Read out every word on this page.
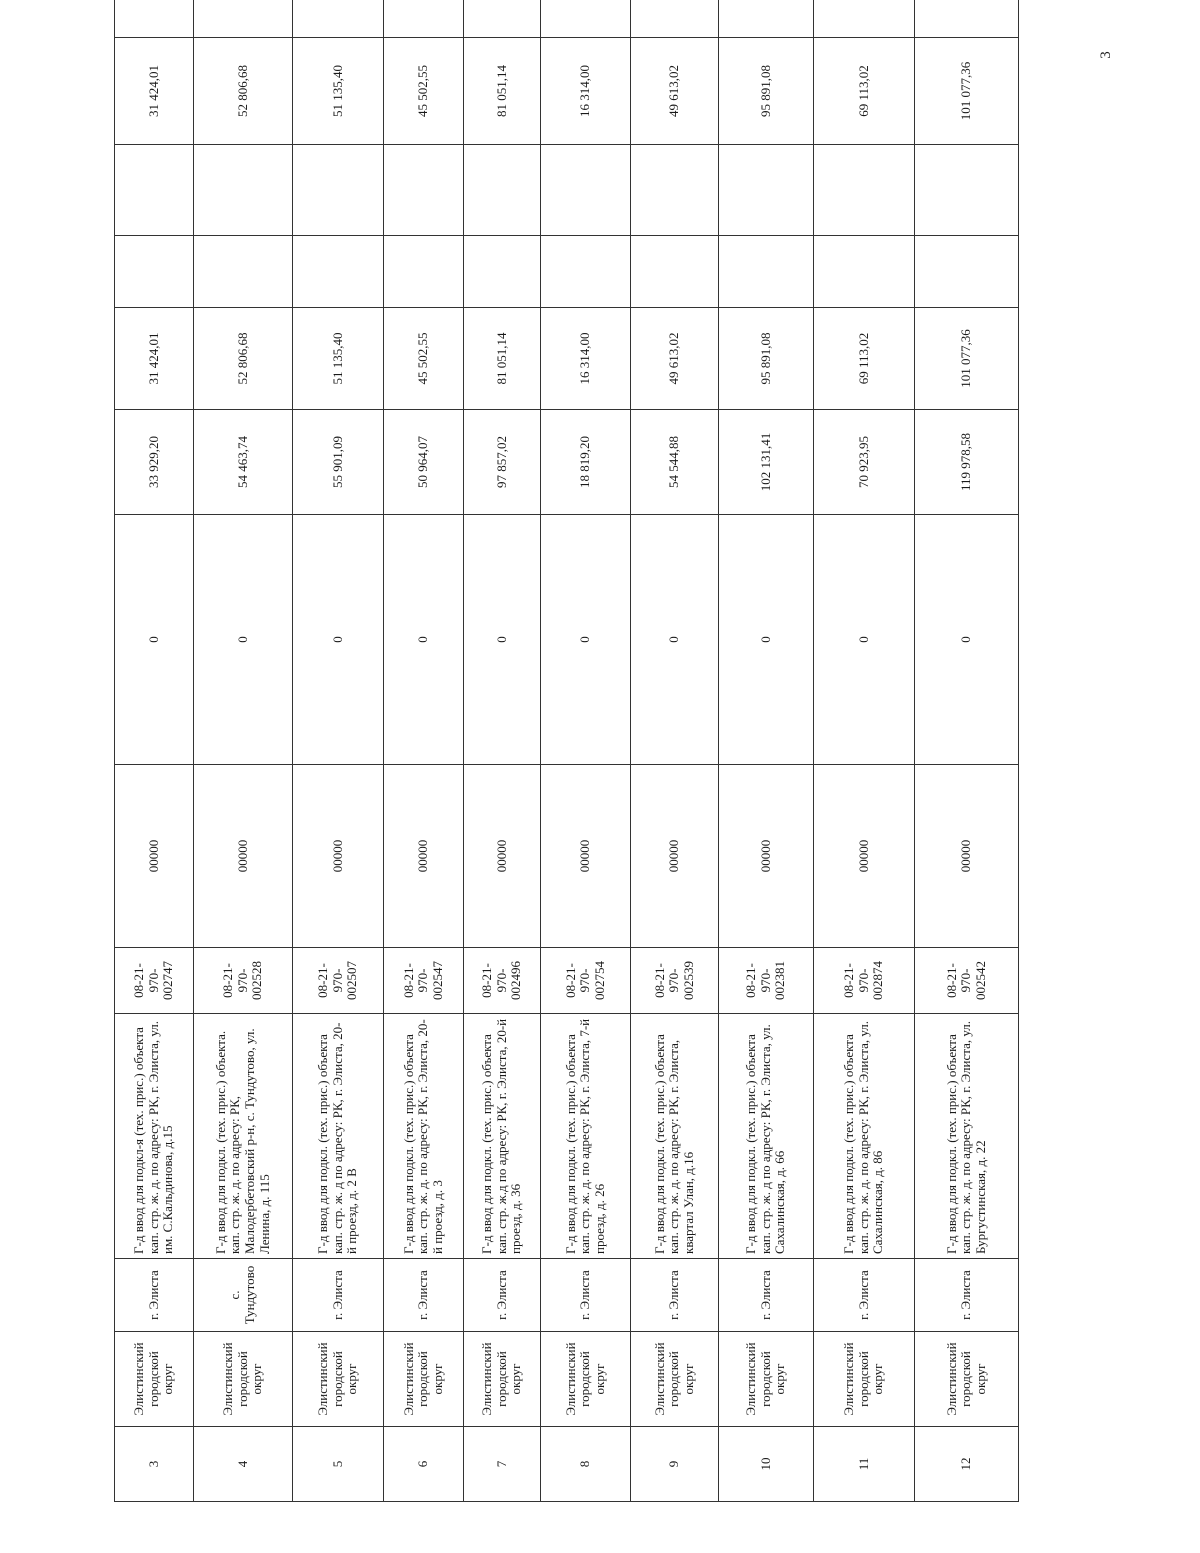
3
3	Элистинский городской округ	г. Элиста	Г-д ввод для подкл-я (тех. прис.) объекта кап. стр. ж. д. по адресу: РК, г. Элиста, ул. им. С.Кальдинова, д.15	08-21-970-002747	00000	0	33 929,20	31 424,01			31 424,01	
4	Элистинский городской округ	с. Тундутово	Г-д ввод для подкл. (тех. прис.) объекта. кап. стр. ж. д. по адресу: РК, Малодербетовский р-н, с. Тундутово, ул. Ленина, д. 115	08-21-970-002528	00000	0	54 463,74	52 806,68			52 806,68	
5	Элистинский городской округ	г. Элиста	Г-д ввод для подкл. (тех. прис.) объекта кап. стр. ж. д по адресу: РК, г. Элиста, 20-й проезд, д. 2 В	08-21-970-002507	00000	0	55 901,09	51 135,40			51 135,40	
6	Элистинский городской округ	г. Элиста	Г-д ввод для подкл. (тех. прис.) объекта кап. стр. ж. д. по адресу: РК, г. Элиста, 20-й проезд, д. 3	08-21-970-002547	00000	0	50 964,07	45 502,55			45 502,55	
7	Элистинский городской округ	г. Элиста	Г-д ввод для подкл. (тех. прис.) объекта кап. стр. ж.д по адресу: РК, г. Элиста, 20-й проезд, д. 36	08-21-970-002496	00000	0	97 857,02	81 051,14			81 051,14	
8	Элистинский городской округ	г. Элиста	Г-д ввод для подкл. (тех. прис.) объекта кап. стр. ж. д. по адресу: РК, г. Элиста, 7-й проезд, д. 26	08-21-970-002754	00000	0	18 819,20	16 314,00			16 314,00	
9	Элистинский городской округ	г. Элиста	Г-д ввод для подкл. (тех. прис.) объекта кап. стр. ж. д. по адресу: РК, г. Элиста, квартал Улан, д.16	08-21-970-002539	00000	0	54 544,88	49 613,02			49 613,02	
10	Элистинский городской округ	г. Элиста	Г-д ввод для подкл. (тех. прис.) объекта кап. стр. ж. д по адресу: РК, г. Элиста, ул. Сахалинская, д. 66	08-21-970-002381	00000	0	102 131,41	95 891,08			95 891,08	
11	Элистинский городской округ	г. Элиста	Г-д ввод для подкл. (тех. прис.) объекта кап. стр. ж. д. по адресу: РК, г. Элиста, ул. Сахалинская, д. 86	08-21-970-002874	00000	0	70 923,95	69 113,02			69 113,02	
12	Элистинский городской округ	г. Элиста	Г-д ввод для подкл. (тех. прис.) объекта кап. стр. ж. д. по адресу: РК, г. Элиста, ул. Бургустинская, д. 22	08-21-970-002542	00000	0	119 978,58	101 077,36			101 077,36	
